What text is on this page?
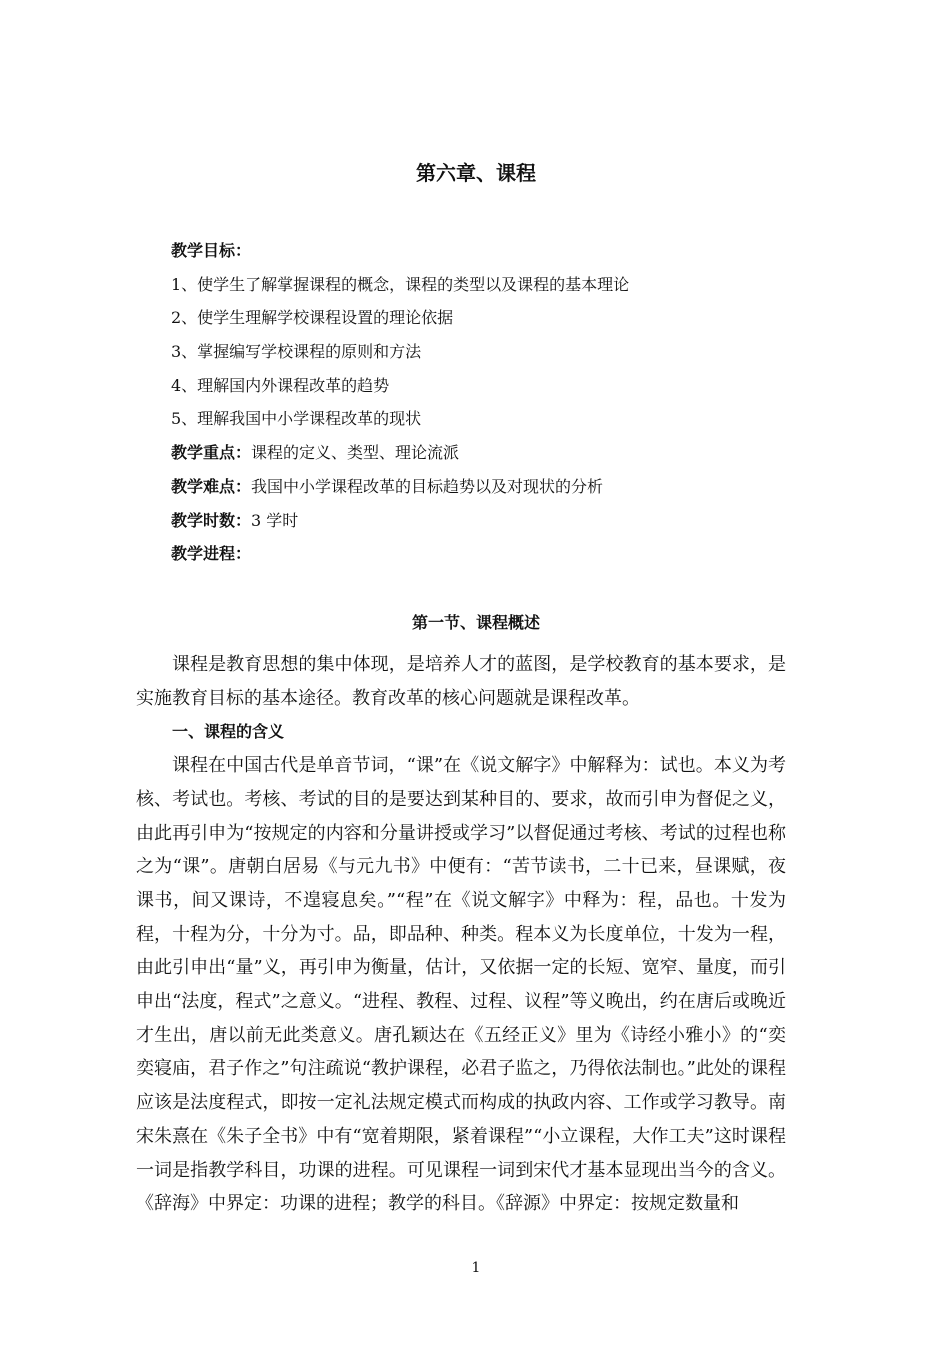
第六章、课程
教学目标：
1、使学生了解掌握课程的概念，课程的类型以及课程的基本理论
2、使学生理解学校课程设置的理论依据
3、掌握编写学校课程的原则和方法
4、理解国内外课程改革的趋势
5、理解我国中小学课程改革的现状
教学重点：课程的定义、类型、理论流派
教学难点：我国中小学课程改革的目标趋势以及对现状的分析
教学时数：3 学时
教学进程：
第一节、课程概述

课程是教育思想的集中体现，是培养人才的蓝图，是学校教育的基本要求，是实施教育目标的基本途径。教育改革的核心问题就是课程改革。

一、课程的含义

课程在中国古代是单音节词，“课”在《说文解字》中解释为：试也。本义为考核、考试也。考核、考试的目的是要达到某种目的、要求，故而引申为督促之义，由此再引申为“按规定的内容和分量讲授或学习”以督促通过考核、考试的过程也称之为“课”。唐朝白居易《与元九书》中便有：“苦节读书，二十已来，昼课赋，夜课书，间又课诗，不遑寝息矣。”“程”在《说文解字》中释为：程，品也。十发为程，十程为分，十分为寸。品，即品种、种类。程本义为长度单位，十发为一程，由此引申出“量”义，再引申为衡量，估计，又依据一定的长短、宽窄、量度，而引申出“法度，程式”之意义。“进程、教程、过程、议程”等义晚出，约在唐后或晚近才生出，唐以前无此类意义。唐孔颖达在《五经正义》里为《诗经小雅小》的“奕奕寝庙，君子作之”句注疏说“教护课程，必君子监之，乃得依法制也。”此处的课程应该是法度程式，即按一定礼法规定模式而构成的执政内容、工作或学习教导。南宋朱熹在《朱子全书》中有“宽着期限，紧着课程”“小立课程，大作工夫”这时课程一词是指教学科目，功课的进程。可见课程一词到宋代才基本显现出当今的含义。《辞海》中界定：功课的进程；教学的科目。《辞源》中界定：按规定数量和

1
